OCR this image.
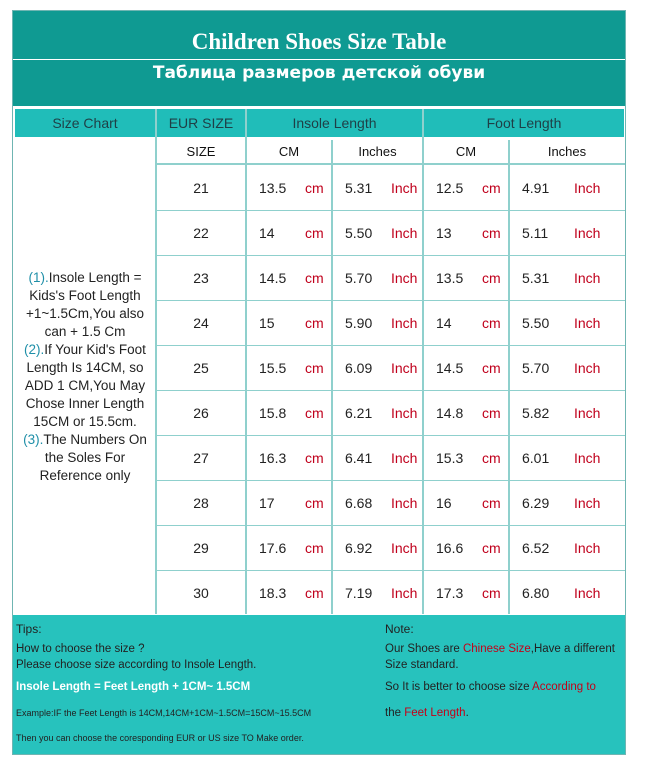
Children Shoes Size Table
Таблица размеров детской обуви
Size Chart	EUR SIZE	Insole Length	Foot Length
SIZE	CM	Inches	CM	Inches
(1).Insole Length =
Kids's Foot Length
+1~1.5Cm,You also
can + 1.5 Cm
(2).If Your Kid's Foot
Length Is 14CM, so
ADD 1 CM,You May
Chose Inner Length
15CM or 15.5cm.
(3).The Numbers On
the Soles For
Reference only
21	13.5	cm	5.31	Inch	12.5	cm	4.91	Inch
22	14	cm	5.50	Inch	13	cm	5.11	Inch
23	14.5	cm	5.70	Inch	13.5	cm	5.31	Inch
24	15	cm	5.90	Inch	14	cm	5.50	Inch
25	15.5	cm	6.09	Inch	14.5	cm	5.70	Inch
26	15.8	cm	6.21	Inch	14.8	cm	5.82	Inch
27	16.3	cm	6.41	Inch	15.3	cm	6.01	Inch
28	17	cm	6.68	Inch	16	cm	6.29	Inch
29	17.6	cm	6.92	Inch	16.6	cm	6.52	Inch
30	18.3	cm	7.19	Inch	17.3	cm	6.80	Inch
Tips:
How to choose the size ?
Please choose size according to Insole Length.
Insole Length = Feet Length + 1CM~ 1.5CM
Example:IF the Feet Length is 14CM,14CM+1CM~1.5CM=15CM~15.5CM
Then you can choose the coresponding EUR or US size TO Make order.
Note:
Our Shoes are Chinese Size,Have a different
Size standard.
So It is better to choose size According to
the Feet Length.
